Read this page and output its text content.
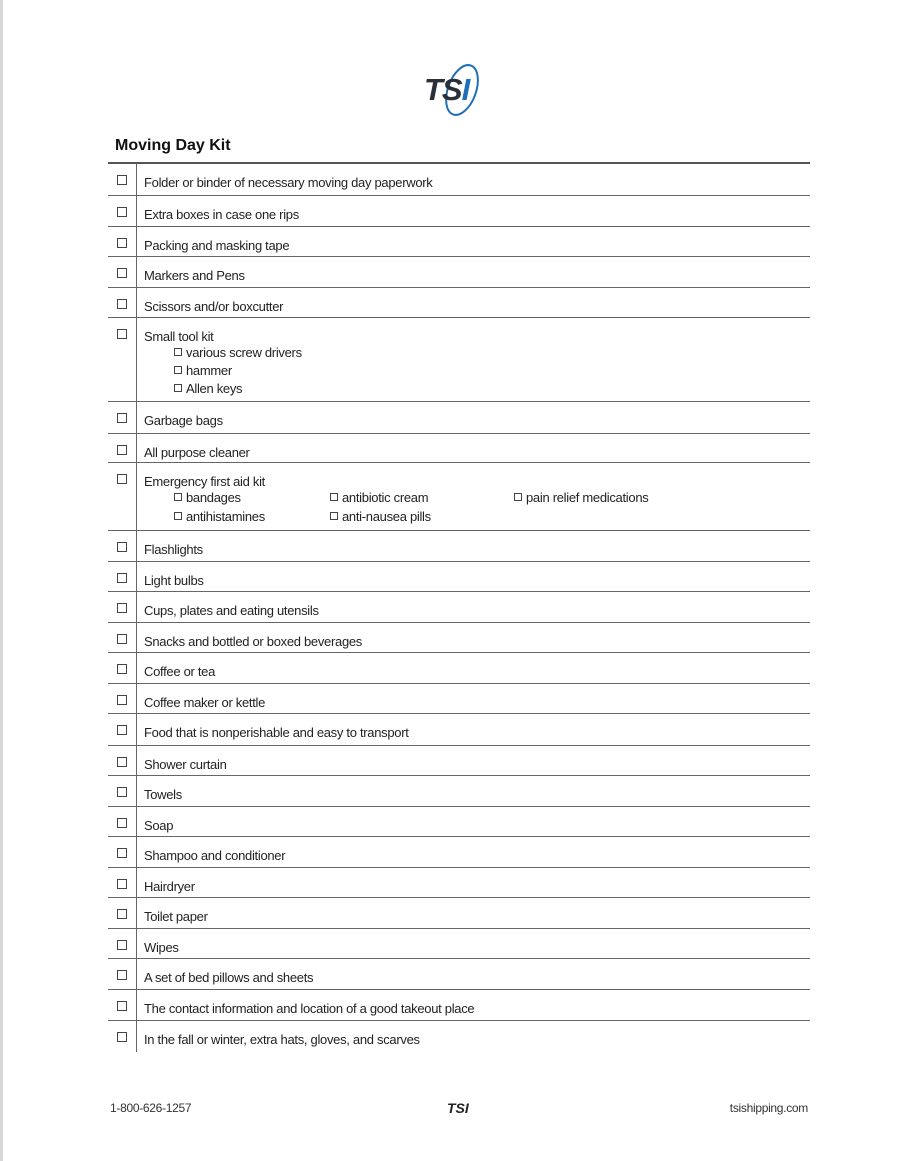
TSI
Moving Day Kit
Folder or binder of necessary moving day paperwork
Extra boxes in case one rips
Packing and masking tape
Markers and Pens
Scissors and/or boxcutter
Small tool kit
various screw drivers
hammer
Allen keys
Garbage bags
All purpose cleaner
Emergency first aid kit
bandages	antibiotic cream	pain relief medications
antihistamines	anti-nausea pills
Flashlights
Light bulbs
Cups, plates and eating utensils
Snacks and bottled or boxed beverages
Coffee or tea
Coffee maker or kettle
Food that is nonperishable and easy to transport
Shower curtain
Towels
Soap
Shampoo and conditioner
Hairdryer
Toilet paper
Wipes
A set of bed pillows and sheets
The contact information and location of a good takeout place
In the fall or winter, extra hats, gloves, and scarves
1-800-626-1257	TSI	tsishipping.com
